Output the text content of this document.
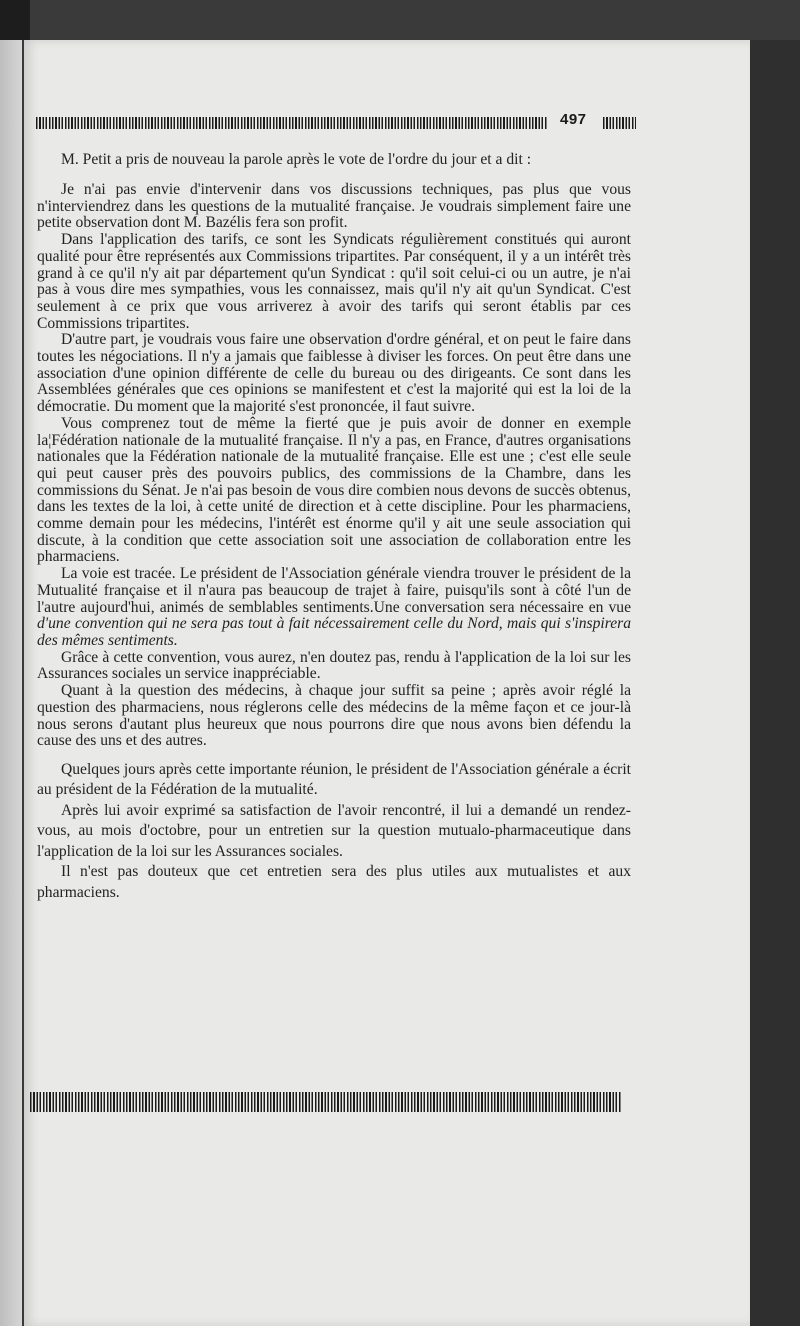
497

M. Petit a pris de nouveau la parole après le vote de l'ordre du jour et a dit :

Je n'ai pas envie d'intervenir dans vos discussions techniques, pas plus que vous n'interviendrez dans les questions de la mutualité française. Je voudrais simplement faire une petite observation dont M. Bazélis fera son profit.

Dans l'application des tarifs, ce sont les Syndicats régulièrement constitués qui auront qualité pour être représentés aux Commissions tripartites. Par conséquent, il y a un intérêt très grand à ce qu'il n'y ait par département qu'un Syndicat : qu'il soit celui-ci ou un autre, je n'ai pas à vous dire mes sympathies, vous les connaissez, mais qu'il n'y ait qu'un Syndicat. C'est seulement à ce prix que vous arriverez à avoir des tarifs qui seront établis par ces Commissions tripartites.

D'autre part, je voudrais vous faire une observation d'ordre général, et on peut le faire dans toutes les négociations. Il n'y a jamais que faiblesse à diviser les forces. On peut être dans une association d'une opinion différente de celle du bureau ou des dirigeants. Ce sont dans les Assemblées générales que ces opinions se manifestent et c'est la majorité qui est la loi de la démocratie. Du moment que la majorité s'est prononcée, il faut suivre.

Vous comprenez tout de même la fierté que je puis avoir de donner en exemple la¦Fédération nationale de la mutualité française. Il n'y a pas, en France, d'autres organisations nationales que la Fédération nationale de la mutualité française. Elle est une ; c'est elle seule qui peut causer près des pouvoirs publics, des commissions de la Chambre, dans les commissions du Sénat. Je n'ai pas besoin de vous dire combien nous devons de succès obtenus, dans les textes de la loi, à cette unité de direction et à cette discipline. Pour les pharmaciens, comme demain pour les médecins, l'intérêt est énorme qu'il y ait une seule association qui discute, à la condition que cette association soit une association de collaboration entre les pharmaciens.

La voie est tracée. Le président de l'Association générale viendra trouver le président de la Mutualité française et il n'aura pas beaucoup de trajet à faire, puisqu'ils sont à côté l'un de l'autre aujourd'hui, animés de semblables sentiments.Une conversation sera nécessaire en vue d'une convention qui ne sera pas tout à fait nécessairement celle du Nord, mais qui s'inspirera des mêmes sentiments.

Grâce à cette convention, vous aurez, n'en doutez pas, rendu à l'application de la loi sur les Assurances sociales un service inappréciable.

Quant à la question des médecins, à chaque jour suffit sa peine ; après avoir réglé la question des pharmaciens, nous réglerons celle des médecins de la même façon et ce jour-là nous serons d'autant plus heureux que nous pourrons dire que nous avons bien défendu la cause des uns et des autres.

Quelques jours après cette importante réunion, le président de l'Association générale a écrit au président de la Fédération de la mutualité.

Après lui avoir exprimé sa satisfaction de l'avoir rencontré, il lui a demandé un rendez-vous, au mois d'octobre, pour un entretien sur la question mutualo-pharmaceutique dans l'application de la loi sur les Assurances sociales.

Il n'est pas douteux que cet entretien sera des plus utiles aux mutualistes et aux pharmaciens.
